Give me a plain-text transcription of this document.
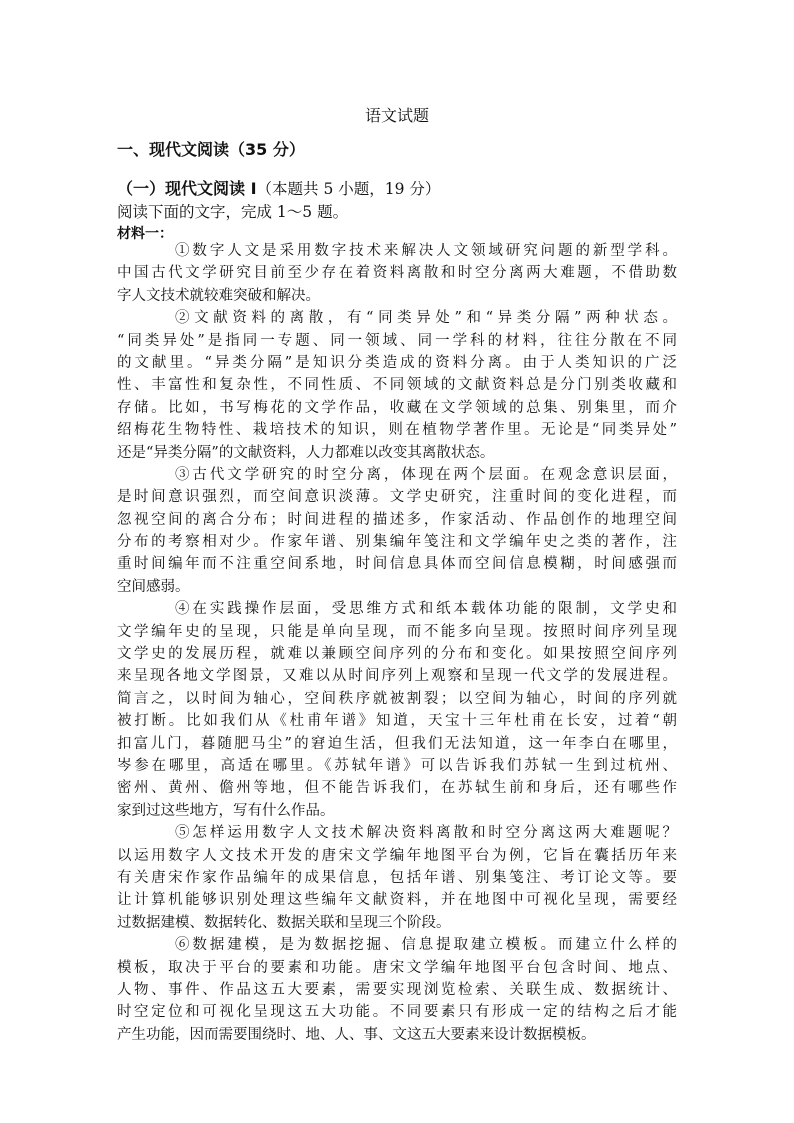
语文试题
一、现代文阅读（35 分）
（一）现代文阅读 I（本题共 5 小题，19 分）
阅读下面的文字，完成 1～5 题。
材料一：
①数字人文是采用数字技术来解决人文领域研究问题的新型学科。
中国古代文学研究目前至少存在着资料离散和时空分离两大难题，不借助数
字人文技术就较难突破和解决。
②文献资料的离散，有“同类异处”和“异类分隔”两种状态。
“同类异处”是指同一专题、同一领域、同一学科的材料，往往分散在不同
的文献里。“异类分隔”是知识分类造成的资料分离。由于人类知识的广泛
性、丰富性和复杂性，不同性质、不同领域的文献资料总是分门别类收藏和
存储。比如，书写梅花的文学作品，收藏在文学领域的总集、别集里，而介
绍梅花生物特性、栽培技术的知识，则在植物学著作里。无论是“同类异处”
还是“异类分隔”的文献资料，人力都难以改变其离散状态。
③古代文学研究的时空分离，体现在两个层面。在观念意识层面，
是时间意识强烈，而空间意识淡薄。文学史研究，注重时间的变化进程，而
忽视空间的离合分布；时间进程的描述多，作家活动、作品创作的地理空间
分布的考察相对少。作家年谱、别集编年笺注和文学编年史之类的著作，注
重时间编年而不注重空间系地，时间信息具体而空间信息模糊，时间感强而
空间感弱。
④在实践操作层面，受思维方式和纸本载体功能的限制，文学史和
文学编年史的呈现，只能是单向呈现，而不能多向呈现。按照时间序列呈现
文学史的发展历程，就难以兼顾空间序列的分布和变化。如果按照空间序列
来呈现各地文学图景，又难以从时间序列上观察和呈现一代文学的发展进程。
简言之，以时间为轴心，空间秩序就被割裂；以空间为轴心，时间的序列就
被打断。比如我们从《杜甫年谱》知道，天宝十三年杜甫在长安，过着“朝
扣富儿门，暮随肥马尘”的窘迫生活，但我们无法知道，这一年李白在哪里，
岑参在哪里，高适在哪里。《苏轼年谱》可以告诉我们苏轼一生到过杭州、
密州、黄州、儋州等地，但不能告诉我们，在苏轼生前和身后，还有哪些作
家到过这些地方，写有什么作品。
⑤怎样运用数字人文技术解决资料离散和时空分离这两大难题呢？
以运用数字人文技术开发的唐宋文学编年地图平台为例，它旨在囊括历年来
有关唐宋作家作品编年的成果信息，包括年谱、别集笺注、考订论文等。要
让计算机能够识别处理这些编年文献资料，并在地图中可视化呈现，需要经
过数据建模、数据转化、数据关联和呈现三个阶段。
⑥数据建模，是为数据挖掘、信息提取建立模板。而建立什么样的
模板，取决于平台的要素和功能。唐宋文学编年地图平台包含时间、地点、
人物、事件、作品这五大要素，需要实现浏览检索、关联生成、数据统计、
时空定位和可视化呈现这五大功能。不同要素只有形成一定的结构之后才能
产生功能，因而需要围绕时、地、人、事、文这五大要素来设计数据模板。
